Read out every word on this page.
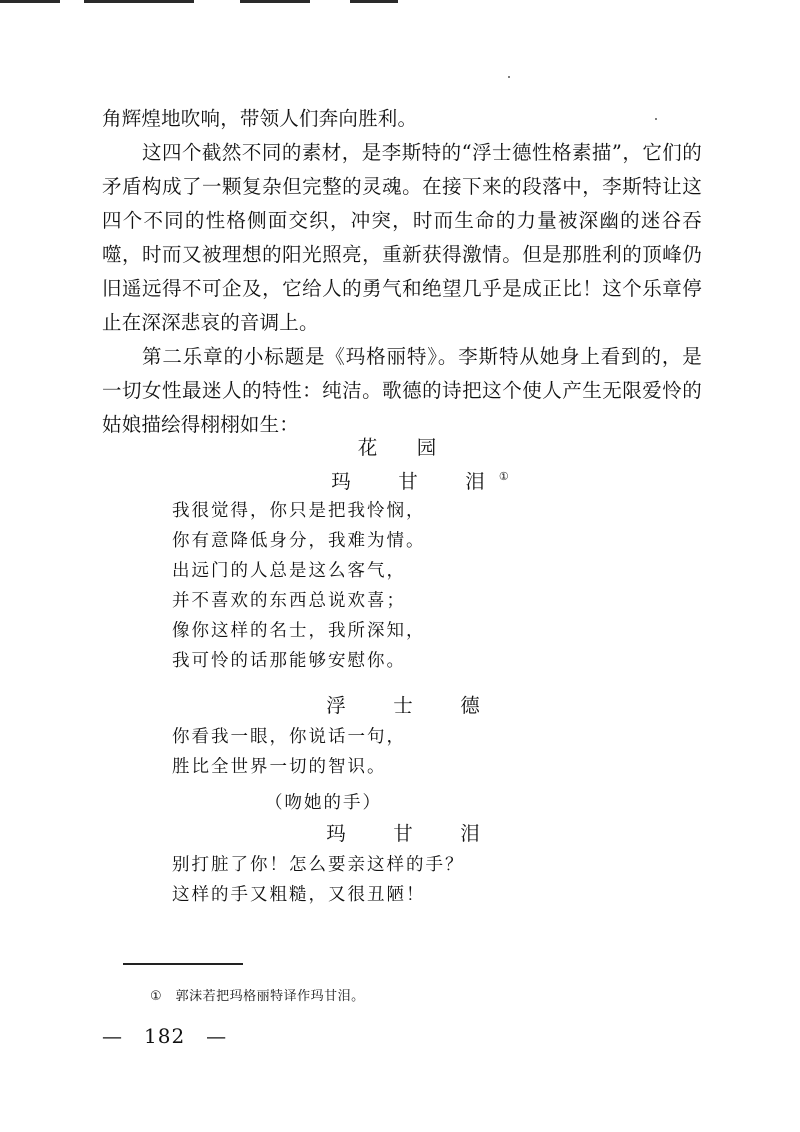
角辉煌地吹响，带领人们奔向胜利。

这四个截然不同的素材，是李斯特的“浮士德性格素描”，它们的矛盾构成了一颗复杂但完整的灵魂。在接下来的段落中，李斯特让这四个不同的性格侧面交织，冲突，时而生命的力量被深幽的迷谷吞噬，时而又被理想的阳光照亮，重新获得激情。但是那胜利的顶峰仍旧遥远得不可企及，它给人的勇气和绝望几乎是成正比！这个乐章停止在深深悲哀的音调上。

第二乐章的小标题是《玛格丽特》。李斯特从她身上看到的，是一切女性最迷人的特性：纯洁。歌德的诗把这个使人产生无限爱怜的姑娘描绘得栩栩如生：

花　园
玛　甘　泪①
我很觉得，你只是把我怜悯，
你有意降低身分，我难为情。
出远门的人总是这么客气，
并不喜欢的东西总说欢喜；
像你这样的名士，我所深知，
我可怜的话那能够安慰你。
浮　士　德
你看我一眼，你说话一句，
胜比全世界一切的智识。
（吻她的手）
玛　甘　泪
别打脏了你！怎么要亲这样的手？
这样的手又粗糙，又很丑陋！
①　郭沫若把玛格丽特译作玛甘泪。
—　182　—
